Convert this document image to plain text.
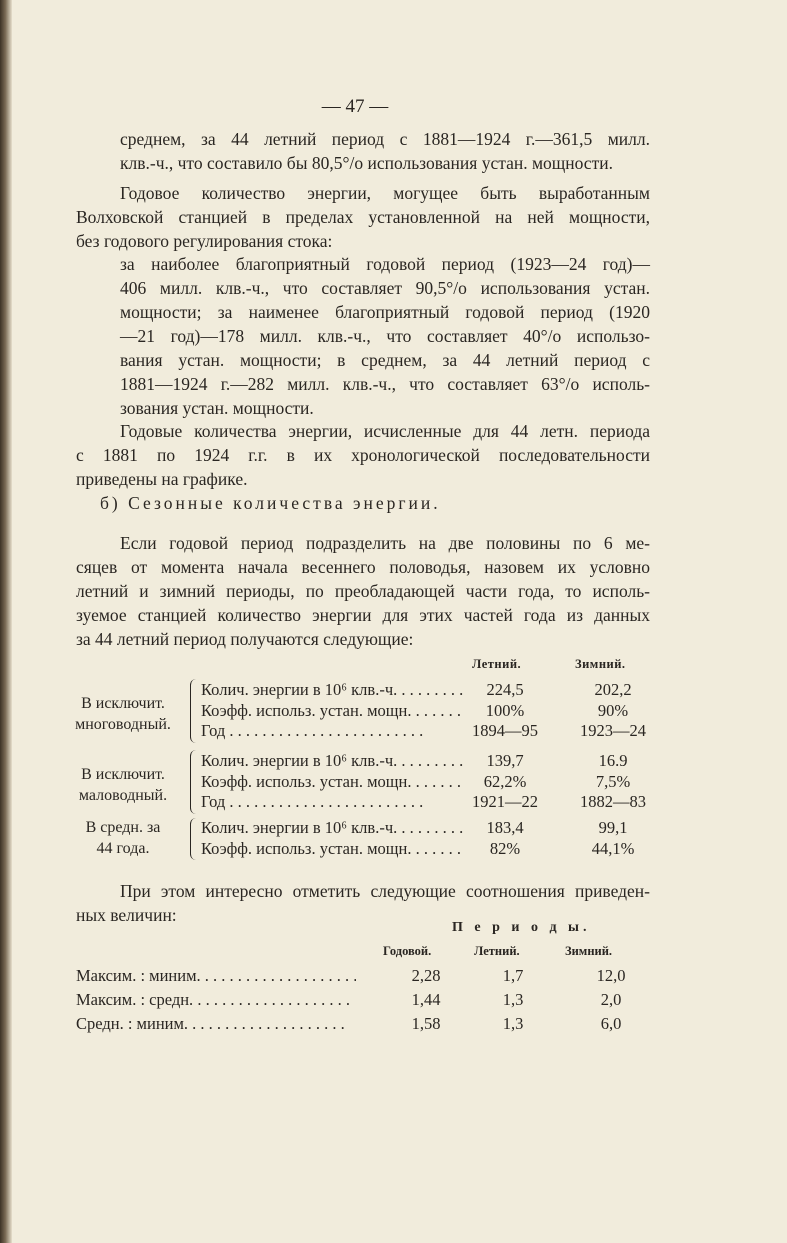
— 47 —
среднем, за 44 летний период с 1881—1924 г.—361,5 милл.
клв.-ч., что составило бы 80,5°/о использования устан. мощности.
Годовое количество энергии, могущее быть выработанным
Волховской станцией в пределах установленной на ней мощности,
без годового регулирования стока:
за наиболее благоприятный годовой период (1923—24 год)—
406 милл. клв.-ч., что составляет 90,5°/о использования устан.
мощности; за наименее благоприятный годовой период (1920
—21 год)—178 милл. клв.-ч., что составляет 40°/о использо-
вания устан. мощности; в среднем, за 44 летний период с
1881—1924 г.—282 милл. клв.-ч., что составляет 63°/о исполь-
зования устан. мощности.
Годовые количества энергии, исчисленные для 44 летн. периода
с 1881 по 1924 г.г. в их хронологической последовательности
приведены на графике.
б) Сезонные количества энергии.
Если годовой период подразделить на две половины по 6 ме-
сяцев от момента начала весеннего половодья, назовем их условно
летний и зимний периоды, по преобладающей части года, то исполь-
зуемое станцией количество энергии для этих частей года из данных
за 44 летний период получаются следующие:
Летний.	Зимний.
В исключит.
многоводный.
Колич. энергии в 10⁶ клв.-ч. . . .	224,5	202,2
Коэфф. использ. устан. мощн. . . .	100%	90%
Год . . .	1894—95	1923—24
В исключит.
маловодный.
Колич. энергии в 10⁶ клв.-ч. . . .	139,7	16.9
Коэфф. использ. устан. мощн. . . .	62,2%	7,5%
Год . . .	1921—22	1882—83
В средн. за
44 года.
Колич. энергии в 10⁶ клв.-ч. . . .	183,4	99,1
Коэфф. использ. устан. мощн. . . .	82%	44,1%
При этом интересно отметить следующие соотношения приведен-
ных величин:
П е р и о д ы.
Годовой.	Летний.	Зимний.
Максим. : миним. . . .	2,28	1,7	12,0
Максим. : средн. . . .	1,44	1,3	2,0
Средн. : миним. . . .	1,58	1,3	6,0
